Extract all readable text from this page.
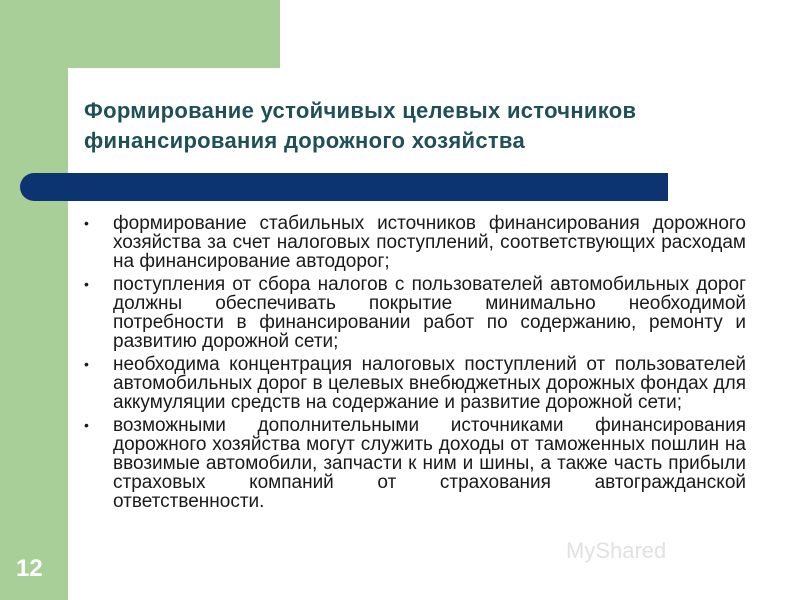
Формирование устойчивых целевых источников финансирования дорожного хозяйства
• формирование стабильных источников финансирования дорожного хозяйства за счет налоговых поступлений, соответствующих расходам на финансирование автодорог;
• поступления от сбора налогов с пользователей автомобильных дорог должны обеспечивать покрытие минимально необходимой потребности в финансировании работ по содержанию, ремонту и развитию дорожной сети;
• необходима концентрация налоговых поступлений от пользователей автомобильных дорог в целевых внебюджетных дорожных фондах для аккумуляции средств на содержание и развитие дорожной сети;
• возможными дополнительными источниками финансирования дорожного хозяйства могут служить доходы от таможенных пошлин на ввозимые автомобили, запчасти к ним и шины, а также часть прибыли страховых компаний от страхования автогражданской ответственности.
12
MyShared
